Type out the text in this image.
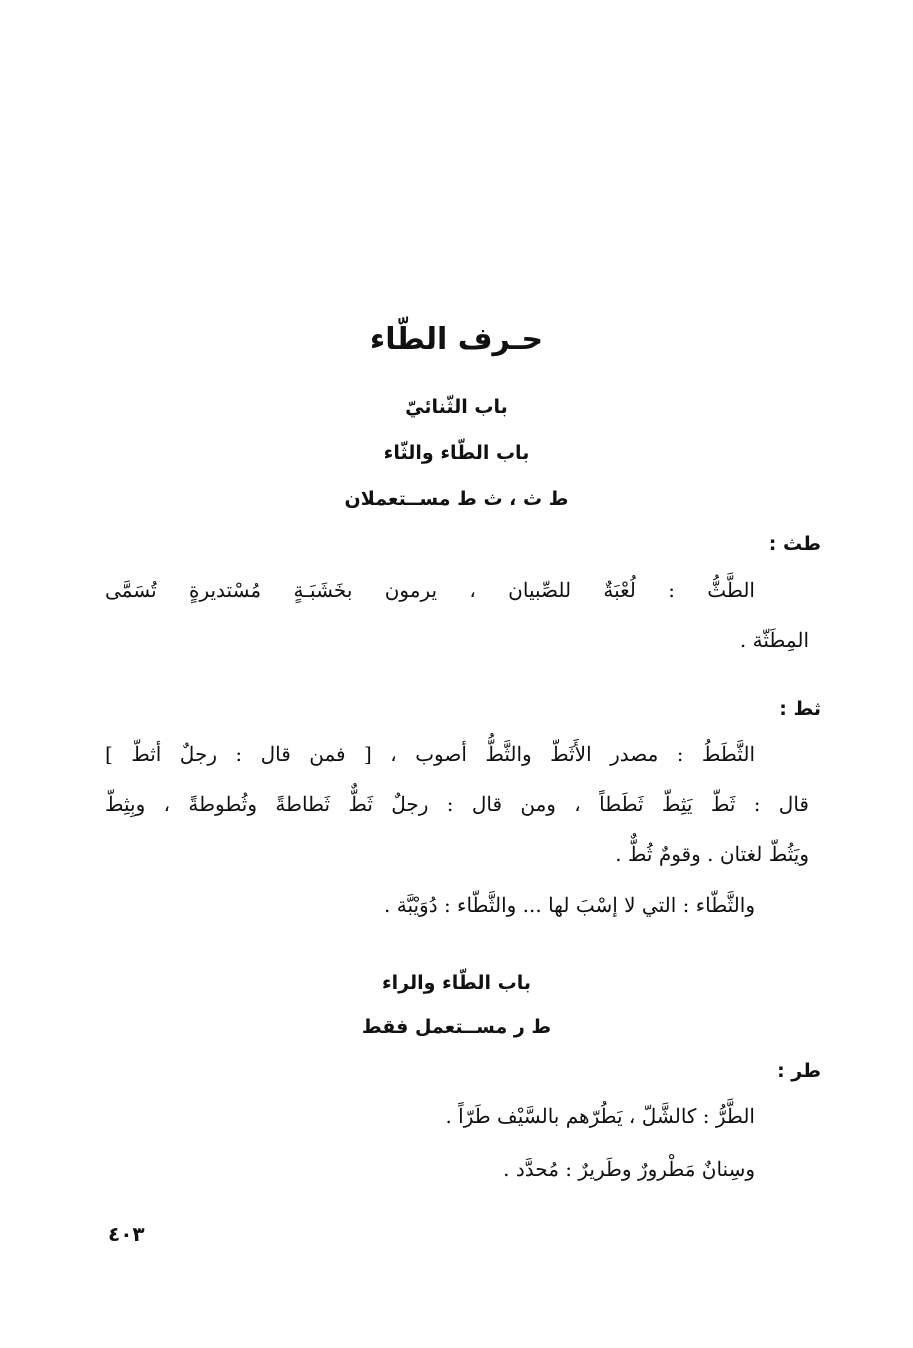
حـرف الطّاء
باب الثّنائيّ
باب الطّاء والثّاء
ط ث ، ث ط مســتعملان
طث :
الطَّثُّ : لُعْبَةٌ للصِّبيان ، يرمون بخَشَبَـةٍ مُسْتديرةٍ تُسَمَّى
المِطَثّة .
ثط :
الثَّطَطُ : مصدر الأَثَطّ والثَّطُّ أصوب ، [ فمن قال : رجلٌ أثطّ ]
قال : ثَطّ يَثِطّ ثَطَطاً ، ومن قال : رجلٌ ثَطٌّ ثَطاطةً وثُطوطةً ، وبِثِطّ
ويَثُطّ لغتان . وقومٌ ثُطٌّ .
والثَّطّاء : التي لا إسْبَ لها ... والثَّطّاء : دُوَيْبَّة .
باب الطّاء والراء
ط ر مســتعمل فقط
طر :
الطَّرُّ : كالشَّلّ ، يَطُرّهم بالسَّيْف طَرّاً .
وسِنانٌ مَطْرورٌ وطَريرٌ : مُحدَّد .
٤٠٣
